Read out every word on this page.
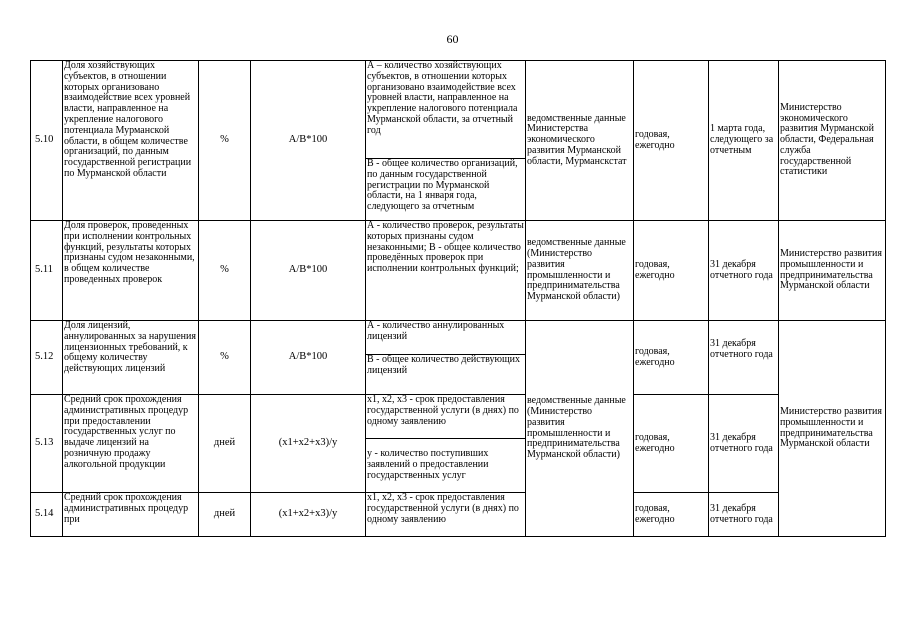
60
5.10	Доля хозяйствующих субъектов, в отношении которых организовано взаимодействие всех уровней власти, направленное на укрепление налогового потенциала Мурманской области, в общем количестве организаций, по данным государственной регистрации по Мурманской области	%	A/B*100	А – количество хозяйствующих субъектов, в отношении которых организовано взаимодействие всех уровней власти, направленное на укрепление налогового потенциала Мурманской области, за отчетный год	ведомственные данные Министерства экономического развития Мурманской области, Мурманскстат	годовая, ежегодно	1 марта года, следующего за отчетным	Министерство экономического развития Мурманской области, Федеральная служба государственной статистики
				В - общее количество организаций, по данным государственной регистрации по Мурманской области, на 1 января года, следующего за отчетным				
5.11	Доля проверок, проведенных при исполнении контрольных функций, результаты которых признаны судом незаконными, в общем количестве проведенных проверок	%	A/B*100	А - количество проверок, результаты которых признаны судом незаконными; В - общее количество проведённых проверок при исполнении контрольных функций;	ведомственные данные (Министерство развития промышленности и предпринимательства Мурманской области)	годовая, ежегодно	31 декабря отчетного года	Министерство развития промышленности и предпринимательства Мурманской области
5.12	Доля лицензий, аннулированных за нарушения лицензионных требований, к общему количеству действующих лицензий	%	A/B*100	А - количество аннулированных лицензий	ведомственные данные (Министерство развития промышленности и предпринимательства Мурманской области)	годовая, ежегодно	31 декабря отчетного года	Министерство развития промышленности и предпринимательства Мурманской области
				В - общее количество действующих лицензий				
5.13	Средний срок прохождения административных процедур при предоставлении государственных услуг по выдаче лицензий на розничную продажу алкогольной продукции	дней	(x1+x2+x3)/y	x1, x2, x3 - срок предоставления государственной услуги (в днях) по одному заявлению		годовая, ежегодно	31 декабря отчетного года	
				y - количество поступивших заявлений о предоставлении государственных услуг				
5.14	Средний срок прохождения административных процедур при	дней	(x1+x2+x3)/y	x1, x2, x3 - срок предоставления государственной услуги (в днях) по одному заявлению		годовая, ежегодно	31 декабря отчетного года	
